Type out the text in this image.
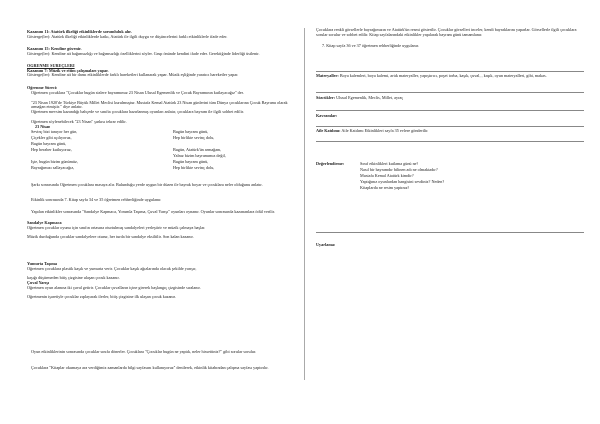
Kazanım 11: Atatürk ilkeliği etkinliklerde sorumluluk alır.
Gösterge(ler): Atatürk ilkeliği etkinliklerde katkı, Atatürk ile ilgili duygu ve düşüncelerini farklı etkinliklerle ifade eder.
Kazanım 15: Kendine güvenir.
Gösterge(ler): Kendine ait bağımsızlığı ve bağımsızlığı özelliklerini söyler. Grup önünde kendini ifade eder. Gerektiğinde liderliği üstlenir.
ÖĞRENME SÜREÇLERİ
Kazanım 7: Müzik ve ritim çalışmaları yapar.
Gösterge(ler): Kendine ait bir dansı etkinliklerde farklı hareketleri kullanarak yapar. Müzik eşliğinde yaratıcı hareketler yapar.
Öğrenme Süreci:
Öğretmen çocuklara "Çocuklar bugün sizlere bayramımız 23 Nisan Ulusal Egemenlik ve Çocuk Bayramının kutlayacağız" der.
"23 Nisan 1920'de Türkiye Büyük Millet Meclisi kurulmuştur. Mustafa Kemal Atatürk 23 Nisan günlerini tüm Dünya çocuklarına Çocuk Bayramı olarak armağan etmiştir." diye anlatır.
Öğretmen mevsim kazandığı bahçede ve sınıfta çocuklara hazırlanmış oyunları anlatır, çocuklara bayram ile ilgili sohbet edilir.
Öğretmen söylenebilecek "23 Nisan" şarkısı tekrar edilir.
23 Nisan
Sevinç bizi tanıyor her gün,
Çiçekler gibi açılıyoruz,
Bugün bayram günü,
Hep beraber kutluyoruz,
İşte, bugün bizim günümüz,
Bayrağımızı sallayacağız,
Bugün bayram günü,
Hep birlikte sevinç dolu,
Bugün, Atatürk'ün armağanı,
Yalnız bizim bayramımız değil,
Bugün bayram günü,
Hep birlikte sevinç dolu,
Şarkı sonrasında Öğretmen çocuklara masaya alır. Bulunduğu yerde uygun bir düzen ile bayrak boyar ve çocuklara neler olduğunu anlatır.
Etkinlik sonrasında 7. Kitap sayfa 34 ve 35 öğretmen rehberliğinde uygulanır.
Yapılan etkinlikler sonrasında "Sandalye Kapmaca, Yorumla Taşıma, Çuval Yarışı" oyunları oynanır. Oyunlar sonrasında kazananlara ödül verilir.
Sandalye Kapmaca
Öğretmen çocuklar oyunu için sınıfın ortasına oturtulmuş sandalyeleri yerleştirir ve müzik çalmaya başlar.
Müzik durduğunda çocuklar sandalyelere oturur, her turda bir sandalye eksiltilir. Son kalan kazanır.
Yumurta Taşıma
Öğretmen çocuklara plastik kaşık ve yumurta verir. Çocuklar kaşık ağızlarında olacak şekilde yarışır,
kaşığı düşürmeden bitiş çizgisine ulaşan çocuk kazanır.
Çuval Yarışı
Öğretmen oyun alanına iki çuval getirir. Çocuklar çuvalların içine girerek başlangıç çizgisinde sıralanır.
Öğretmenin işaretiyle çocuklar zıplayarak ilerler, bitiş çizgisine ilk ulaşan çocuk kazanır.
Oyun etkinliklerinin sonrasında çocuklar sınıfa dönerler. Çocuklara "Çocuklar bugün ne yaptık, neler hissettiniz?" gibi sorular sorulur.
Çocuklara "Kitaplar okumaya ara verdiğimiz zamanlarda bilgi sayfasını kullanıyoruz" denilerek, etkinlik kitabından çalışma sayfası yaptırılır.
Çocuklara renkli görsellerle bayrağımızın ve Atatürk'ün resmi gösterilir. Çocuklar görselleri inceler, kendi bayraklarını yaparlar. Görsellerle ilgili çocuklara sorular sorulur ve sohbet edilir. Kitap sayfalarındaki etkinlikler yapılarak bayram günü tamamlanır.
7. Kitap sayfa 36 ve 37 öğretmen rehberliğinde uygulanır.
Materyaller: Boya kalemleri, boya kalemi, artık materyaller, yapıştırıcı, poşet torba, kaşık, çuval, , kaşık, oyun materyalleri, gibi, makas.
Sözcükler: Ulusal Egemenlik, Meclis, Millet, ayraç
Kavramlar:
Aile Katılımı: Aile Katılımı Etkinlikleri sayfa 35 evlere gönderilir.
Değerlendirme:	Sınıf etkinlikleri kutlama günü ne?
Nasıl bir bayramdır bilinen adı ne olmaktadır?
Mustafa Kemal Atatürk kimdir?
Yaptığınız oyunlardan hangisini sevdiniz? Neden?
Kitaplarda ne resim yaptınız?
Uyarlama:
